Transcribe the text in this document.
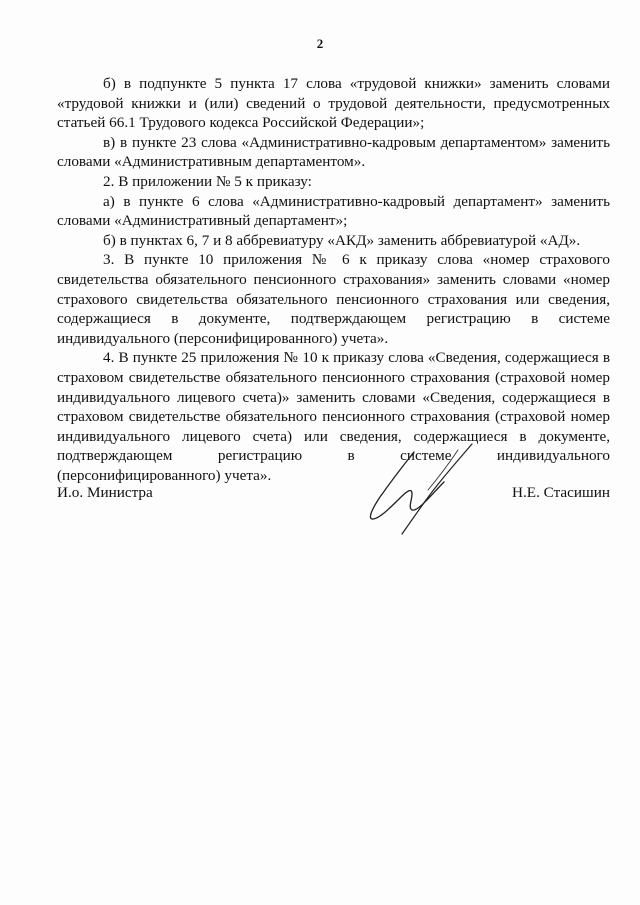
2

б) в подпункте 5 пункта 17 слова «трудовой книжки» заменить словами «трудовой книжки и (или) сведений о трудовой деятельности, предусмотренных статьей 66.1 Трудового кодекса Российской Федерации»;

в) в пункте 23 слова «Административно-кадровым департаментом» заменить словами «Административным департаментом».

2. В приложении № 5 к приказу:

а) в пункте 6 слова «Административно-кадровый департамент» заменить словами «Административный департамент»;

б) в пунктах 6, 7 и 8 аббревиатуру «АКД» заменить аббревиатурой «АД».

3. В пункте 10 приложения № 6 к приказу слова «номер страхового свидетельства обязательного пенсионного страхования» заменить словами «номер страхового свидетельства обязательного пенсионного страхования или сведения, содержащиеся в документе, подтверждающем регистрацию в системе индивидуального (персонифицированного) учета».

4. В пункте 25 приложения № 10 к приказу слова «Сведения, содержащиеся в страховом свидетельстве обязательного пенсионного страхования (страховой номер индивидуального лицевого счета)» заменить словами «Сведения, содержащиеся в страховом свидетельстве обязательного пенсионного страхования (страховой номер индивидуального лицевого счета) или сведения, содержащиеся в документе, подтверждающем регистрацию в системе индивидуального (персонифицированного) учета».

И.о. Министра	Н.Е. Стасишин
